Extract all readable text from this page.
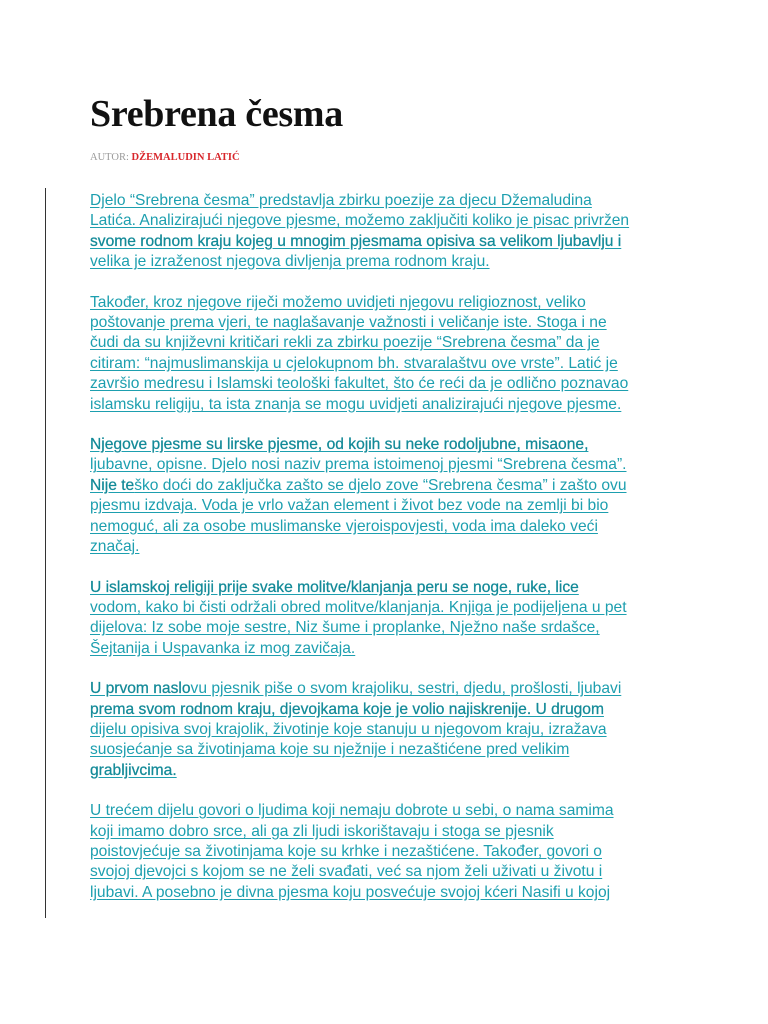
Srebrena česma
AUTOR: DŽEMALUDIN LATIĆ

Djelo “Srebrena česma” predstavlja zbirku poezije za djecu Džemaludina
Latića. Analizirajući njegove pjesme, možemo zaključiti koliko je pisac privržen
svome rodnom kraju kojeg u mnogim pjesmama opisiva sa velikom ljubavlju i
velika je izraženost njegova divljenja prema rodnom kraju.

Također, kroz njegove riječi možemo uvidjeti njegovu religioznost, veliko
poštovanje prema vjeri, te naglašavanje važnosti i veličanje iste. Stoga i ne
čudi da su književni kritičari rekli za zbirku poezije “Srebrena česma” da je
citiram: “najmuslimanskija u cjelokupnom bh. stvaralaštvu ove vrste”. Latić je
završio medresu i Islamski teološki fakultet, što će reći da je odlično poznavao
islamsku religiju, ta ista znanja se mogu uvidjeti analizirajući njegove pjesme.

Njegove pjesme su lirske pjesme, od kojih su neke rodoljubne, misaone,
ljubavne, opisne. Djelo nosi naziv prema istoimenoj pjesmi “Srebrena česma”.
Nije teško doći do zaključka zašto se djelo zove “Srebrena česma” i zašto ovu
pjesmu izdvaja. Voda je vrlo važan element i život bez vode na zemlji bi bio
nemoguć, ali za osobe muslimanske vjeroispovjesti, voda ima daleko veći
značaj.

U islamskoj religiji prije svake molitve/klanjanja peru se noge, ruke, lice
vodom, kako bi čisti održali obred molitve/klanjanja. Knjiga je podijeljena u pet
dijelova: Iz sobe moje sestre, Niz šume i proplanke, Nježno naše srdašce,
Šejtanija i Uspavanka iz mog zavičaja.

U prvom naslovu pjesnik piše o svom krajoliku, sestri, djedu, prošlosti, ljubavi
prema svom rodnom kraju, djevojkama koje je volio najiskrenije. U drugom
dijelu opisiva svoj krajolik, životinje koje stanuju u njegovom kraju, izražava
suosjećanje sa životinjama koje su nježnije i nezaštićene pred velikim
grabljivcima.

U trećem dijelu govori o ljudima koji nemaju dobrote u sebi, o nama samima
koji imamo dobro srce, ali ga zli ljudi iskorištavaju i stoga se pjesnik
poistovjećuje sa životinjama koje su krhke i nezaštićene. Također, govori o
svojoj djevojci s kojom se ne želi svađati, već sa njom želi uživati u životu i
ljubavi. A posebno je divna pjesma koju posvećuje svojoj kćeri Nasifi u kojoj
